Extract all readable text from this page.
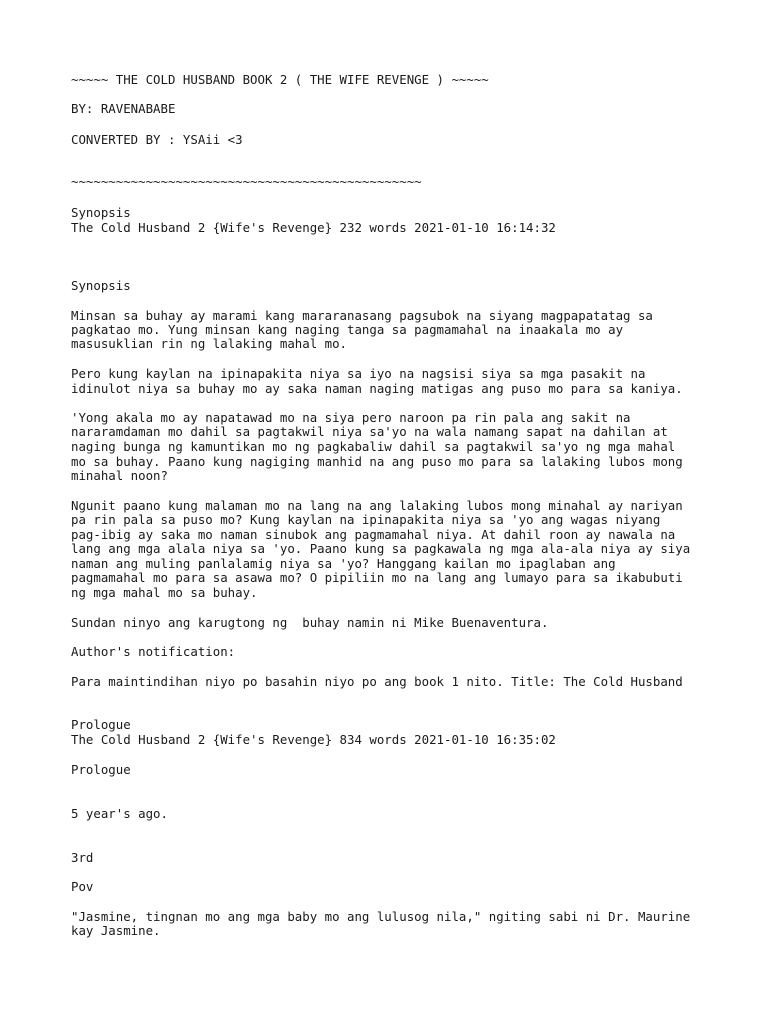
~~~~~ THE COLD HUSBAND BOOK 2 ( THE WIFE REVENGE ) ~~~~~

BY: RAVENABABE

CONVERTED BY : YSAii <3

~~~~~~~~~~~~~~~~~~~~~~~~~~~~~~~~~~~~~~~~~~~~~~~

Synopsis

The Cold Husband 2 {Wife's Revenge} 232 words 2021-01-10 16:14:32

Synopsis

Minsan sa buhay ay marami kang mararanasang pagsubok na siyang magpapatatag sa

pagkatao mo. Yung minsan kang naging tanga sa pagmamahal na inaakala mo ay

masusuklian rin ng lalaking mahal mo.

Pero kung kaylan na ipinapakita niya sa iyo na nagsisi siya sa mga pasakit na

idinulot niya sa buhay mo ay saka naman naging matigas ang puso mo para sa kaniya.

'Yong akala mo ay napatawad mo na siya pero naroon pa rin pala ang sakit na

nararamdaman mo dahil sa pagtakwil niya sa'yo na wala namang sapat na dahilan at

naging bunga ng kamuntikan mo ng pagkabaliw dahil sa pagtakwil sa'yo ng mga mahal

mo sa buhay. Paano kung nagiging manhid na ang puso mo para sa lalaking lubos mong

minahal noon?

Ngunit paano kung malaman mo na lang na ang lalaking lubos mong minahal ay nariyan

pa rin pala sa puso mo? Kung kaylan na ipinapakita niya sa 'yo ang wagas niyang

pag-ibig ay saka mo naman sinubok ang pagmamahal niya. At dahil roon ay nawala na

lang ang mga alala niya sa 'yo. Paano kung sa pagkawala ng mga ala-ala niya ay siya

naman ang muling panlalamig niya sa 'yo? Hanggang kailan mo ipaglaban ang

pagmamahal mo para sa asawa mo? O pipiliin mo na lang ang lumayo para sa ikabubuti

ng mga mahal mo sa buhay.

Sundan ninyo ang karugtong ng  buhay namin ni Mike Buenaventura.

Author's notification:

Para maintindihan niyo po basahin niyo po ang book 1 nito. Title: The Cold Husband

Prologue

The Cold Husband 2 {Wife's Revenge} 834 words 2021-01-10 16:35:02

Prologue

5 year's ago.

3rd

Pov

"Jasmine, tingnan mo ang mga baby mo ang lulusog nila," ngiting sabi ni Dr. Maurine

kay Jasmine.
